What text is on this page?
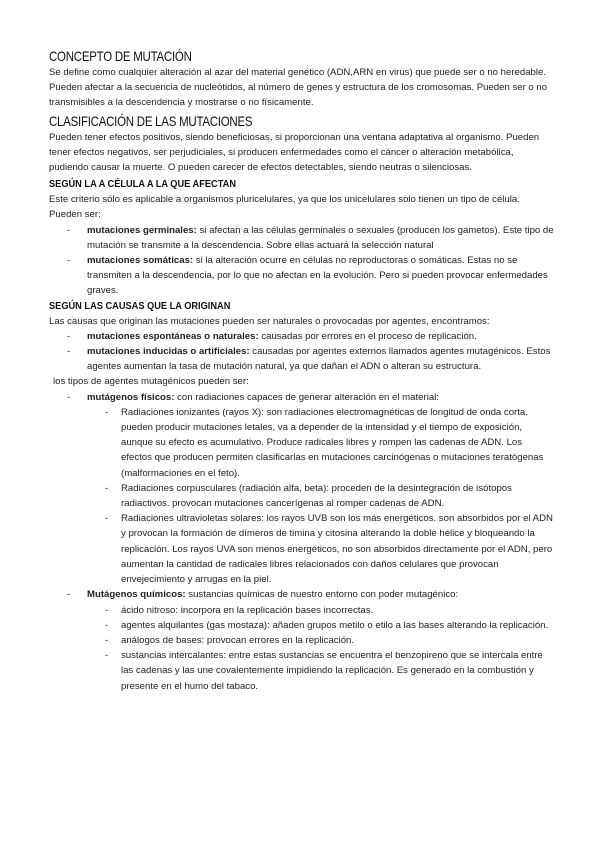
CONCEPTO DE MUTACIÓN

Se define como cualquier alteración al azar del material genético (ADN,ARN en virus) que puede ser o no heredable. Pueden afectar a la secuencia de nucleótidos, al número de genes y estructura de los cromosomas. Pueden ser o no transmisibles a la descendencia y mostrarse o no físicamente.

CLASIFICACIÓN DE LAS MUTACIONES

Pueden tener efectos positivos, siendo beneficiosas, si proporcionan una ventana adaptativa al organismo. Pueden tener efectos negativos, ser perjudiciales, si producen enfermedades como el cáncer o alteración metabólica, pudiendo causar la muerte. O pueden carecer de efectos detectables, siendo neutras o silenciosas.

SEGÚN LA A CÉLULA A LA QUE AFECTAN

Este criterio sólo es aplicable a organismos pluricelulares, ya que los unicelulares solo tienen un tipo de célula. Pueden ser:

- mutaciones germinales: si afectan a las células germinales o sexuales (producen los gametos). Este tipo de mutación se transmite a la descendencia. Sobre ellas actuará la selección natural
- mutaciones somáticas: si la alteración ocurre en células no reproductoras o somáticas. Estas no se transmiten a la descendencia, por lo que no afectan en la evolución. Pero si pueden provocar enfermedades graves.
SEGÚN LAS CAUSAS QUE LA ORIGINAN

Las causas que originan las mutaciones pueden ser naturales o provocadas por agentes, encontramos:

- mutaciones espontáneas o naturales: causadas por errores en el proceso de replicación.
- mutaciones inducidas o artificiales: causadas por agentes externos llamados agentes mutagénicos. Estos agentes aumentan la tasa de mutación natural, ya que dañan el ADN o alteran su estructura.

los tipos de agentes mutagénicos pueden ser:

- mutágenos físicos: con radiaciones capaces de generar alteración en el material:
- Radiaciones ionizantes (rayos X): son radiaciones electromagnéticas de longitud de onda corta. pueden producir mutaciones letales, va a depender de la intensidad y el tiempo de exposición, aunque su efecto es acumulativo. Produce radicales libres y rompen las cadenas de ADN. Los efectos que producen permiten clasificarlas en mutaciones carcinógenas o mutaciones teratógenas (malformaciones en el feto).
- Radiaciones corpusculares (radiación alfa, beta): proceden de la desintegración de isótopos radiactivos. provocan mutaciones cancerígenas al romper cadenas de ADN.
- Radiaciones ultravioletas solares: los rayos UVB son los más energéticos. son absorbidos por el ADN y provocan la formación de dímeros de timina y citosina alterando la doble hélice y bloqueando la replicación. Los rayos UVA son menos energéticos, no son absorbidos directamente por el ADN, pero aumentan la cantidad de radicales libres relacionados con daños celulares que provocan envejecimiento y arrugas en la piel.
- Mutágenos químicos: sustancias químicas de nuestro entorno con poder mutagénico:
- ácido nitroso: incorpora en la replicación bases incorrectas.
- agentes alquilantes (gas mostaza): añaden grupos metilo o etilo a las bases alterando la replicación.
- análogos de bases: provocan errores en la replicación.
- sustancias intercalantes: entre estas sustancias se encuentra el benzopireno que se intercala entre las cadenas y las une covalentemente impidiendo la replicación. Es generado en la combustión y presente en el humo del tabaco.
